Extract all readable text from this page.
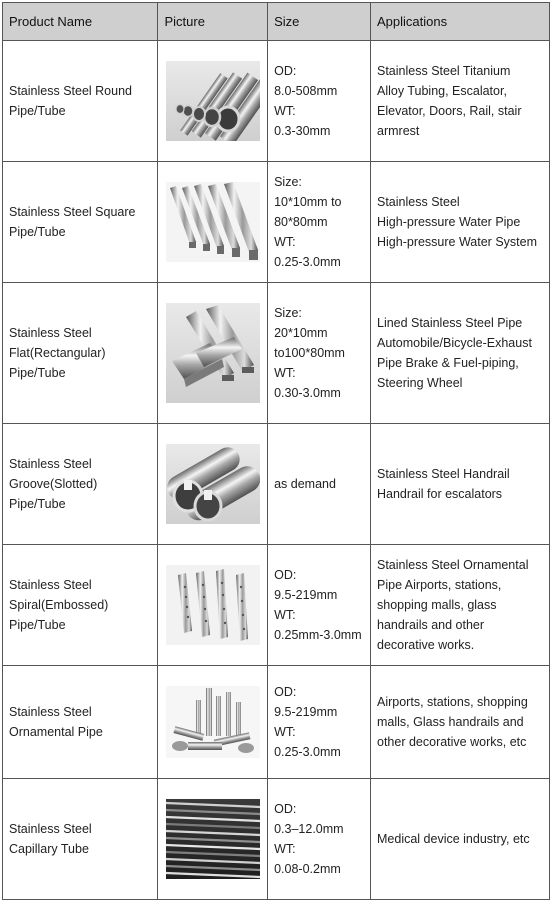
Product Name	Picture	Size	Applications
Stainless Steel Round
Pipe/Tube		OD:
8.0-508mm
WT:
0.3-30mm	Stainless Steel Titanium
Alloy Tubing, Escalator,
Elevator, Doors, Rail, stair
armrest
Stainless Steel Square
Pipe/Tube		Size:
10*10mm to
80*80mm
WT:
0.25-3.0mm	Stainless Steel
High-pressure Water Pipe
High-pressure Water System
Stainless Steel
Flat(Rectangular)
Pipe/Tube		Size:
20*10mm
to100*80mm
WT:
0.30-3.0mm	Lined Stainless Steel Pipe
Automobile/Bicycle-Exhaust
Pipe Brake & Fuel-piping,
Steering Wheel
Stainless Steel
Groove(Slotted)
Pipe/Tube		as demand	Stainless Steel Handrail
Handrail for escalators
Stainless Steel
Spiral(Embossed)
Pipe/Tube		OD:
9.5-219mm
WT:
0.25mm-3.0mm	Stainless Steel Ornamental
Pipe Airports, stations,
shopping malls, glass
handrails and other
decorative works.
Stainless Steel
Ornamental Pipe		OD:
9.5-219mm
WT:
0.25-3.0mm	Airports, stations, shopping
malls, Glass handrails and
other decorative works, etc
Stainless Steel
Capillary Tube		OD:
0.3–12.0mm
WT:
0.08-0.2mm	Medical device industry, etc
